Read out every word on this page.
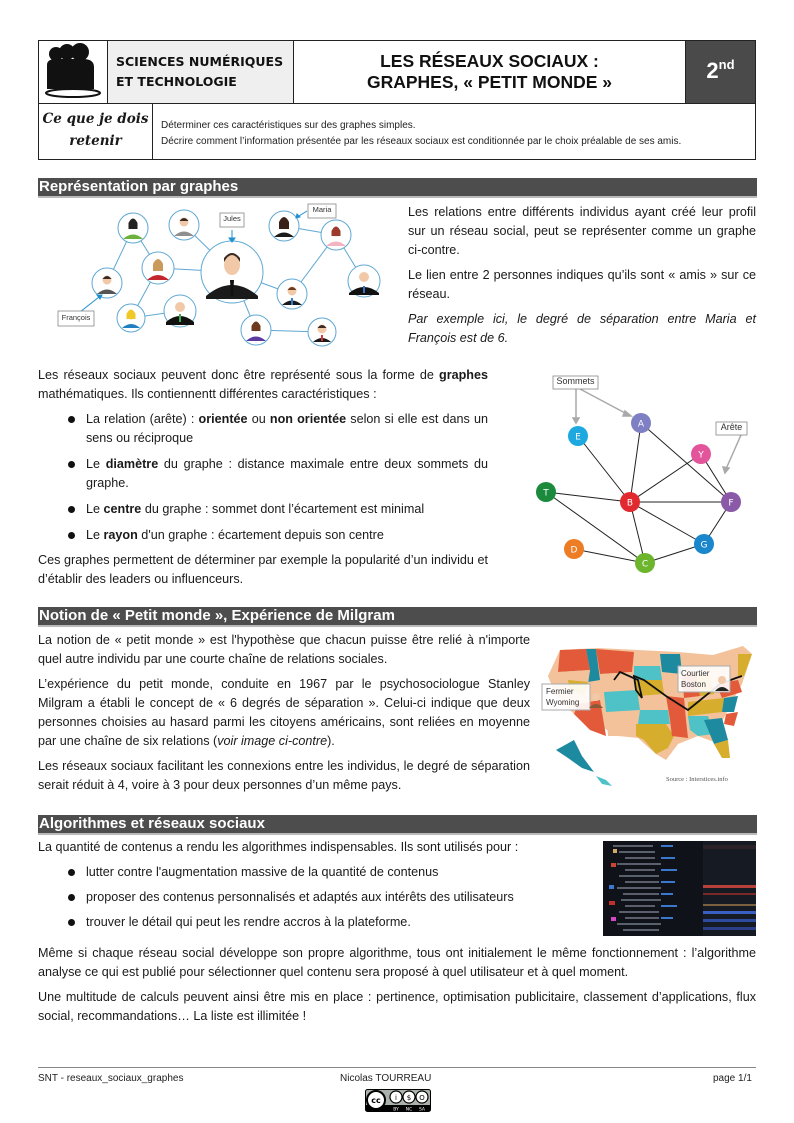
SCIENCES NUMÉRIQUES
ET TECHNOLOGIE
LES RÉSEAUX SOCIAUX :
GRAPHES, « PETIT MONDE »	2nd
Ce que je dois
retenir
Déterminer ces caractéristiques sur des graphes simples.
Décrire comment l’information présentée par les réseaux sociaux est conditionnée par le choix préalable de ses amis.
Représentation par graphes
Jules
Maria
François

Les relations entre différents individus ayant créé leur profil sur un réseau social, peut se représenter comme un graphe ci-contre.

Le lien entre 2 personnes indiques qu’ils sont « amis » sur ce réseau.

Par exemple ici, le degré de séparation entre Maria et François est de 6.

Les réseaux sociaux peuvent donc être représenté sous la forme de graphes mathématiques. Ils contiennentt différentes caractéristiques :

La relation (arête) : orientée ou non orientée selon si elle est dans un sens ou réciproque
Le diamètre du graphe : distance maximale entre deux sommets du graphe.
Le centre du graphe : sommet dont l’écartement est minimal
Le rayon d'un graphe : écartement depuis son centre

Ces graphes permettent de déterminer par exemple la popularité d’un individu et d’établir des leaders ou influenceurs.

A
E
Y
T
B	F
G
D
C
Sommets
Arête
Notion de « Petit monde », Expérience de Milgram

La notion de « petit monde » est l'hypothèse que chacun puisse être relié à n'importe quel autre individu par une courte chaîne de relations sociales.

L’expérience du petit monde, conduite en 1967 par le psychosociologue Stanley Milgram a établi le concept de « 6 degrés de séparation ». Celui-ci indique que deux personnes choisies au hasard parmi les citoyens américains, sont reliées en moyenne par une chaîne de six relations (voir image ci-contre).

Les réseaux sociaux facilitant les connexions entre les individus, le degré de séparation serait réduit à 4, voire à 3 pour deux personnes d’un même pays.

Fermier
Wyoming
Courtier
Boston
Source : Interstices.info
Algorithmes et réseaux sociaux

La quantité de contenus a rendu les algorithmes indispensables. Ils sont utilisés pour :

lutter contre l'augmentation massive de la quantité de contenus
proposer des contenus personnalisés et adaptés aux intérêts des utilisateurs
trouver le détail qui peut les rendre accros à la plateforme.

Même si chaque réseau social développe son propre algorithme, tous ont initialement le même fonctionnement : l’algorithme analyse ce qui est publié pour sélectionner quel contenu sera proposé à quel utilisateur et à quel moment.

Une multitude de calculs peuvent ainsi être mis en place : pertinence, optimisation publicitaire, classement d’applications, flux social, recommandations… La liste est illimitée !

SNT - reseaux_sociaux_graphes	Nicolas TOURREAU	page 1/1
cc i $ O
BY NC SA
